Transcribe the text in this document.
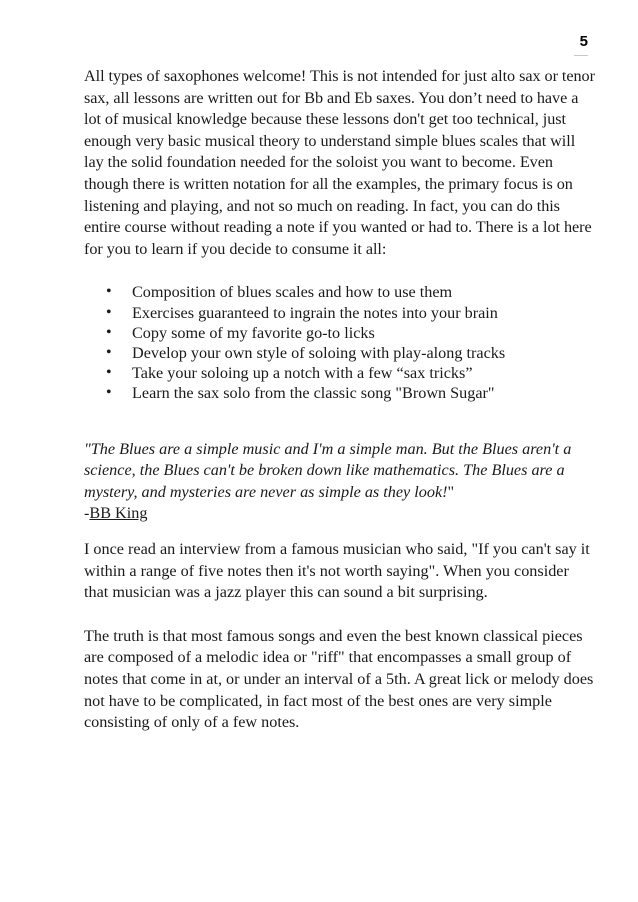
5

All types of saxophones welcome! This is not intended for just alto sax or tenor sax, all lessons are written out for Bb and Eb saxes. You don’t need to have a lot of musical knowledge because these lessons don't get too technical, just enough very basic musical theory to understand simple blues scales that will lay the solid foundation needed for the soloist you want to become. Even though there is written notation for all the examples, the primary focus is on listening and playing, and not so much on reading. In fact, you can do this entire course without reading a note if you wanted or had to. There is a lot here for you to learn if you decide to consume it all:

• Composition of blues scales and how to use them
• Exercises guaranteed to ingrain the notes into your brain
• Copy some of my favorite go-to licks
• Develop your own style of soloing with play-along tracks
• Take your soloing up a notch with a few “sax tricks”
• Learn the sax solo from the classic song "Brown Sugar"

"The Blues are a simple music and I'm a simple man. But the Blues aren't a science, the Blues can't be broken down like mathematics. The Blues are a mystery, and mysteries are never as simple as they look!"

-BB King

I once read an interview from a famous musician who said, "If you can't say it within a range of five notes then it's not worth saying". When you consider that musician was a jazz player this can sound a bit surprising.

The truth is that most famous songs and even the best known classical pieces are composed of a melodic idea or "riff" that encompasses a small group of notes that come in at, or under an interval of a 5th. A great lick or melody does not have to be complicated, in fact most of the best ones are very simple consisting of only of a few notes.
